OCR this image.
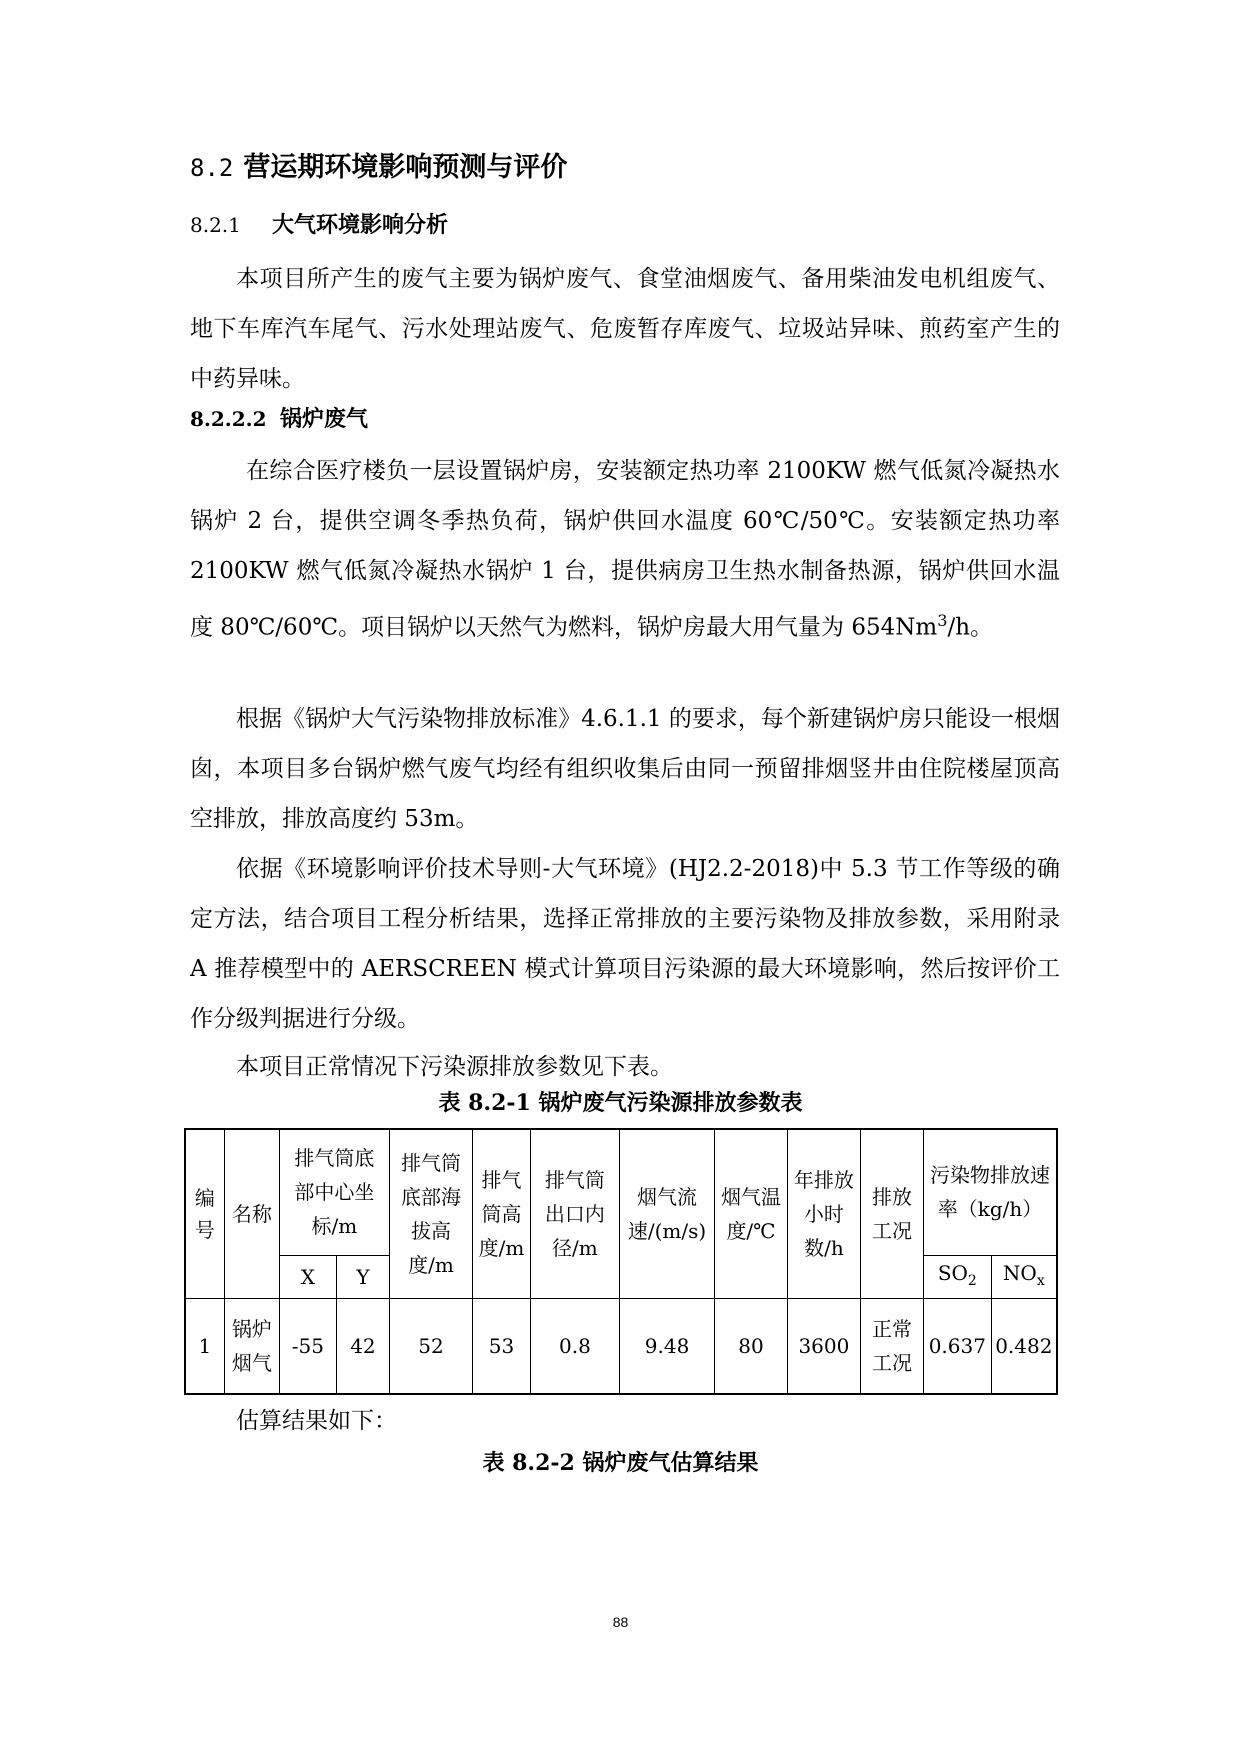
8.2 营运期环境影响预测与评价
8.2.1 大气环境影响分析

本项目所产生的废气主要为锅炉废气、食堂油烟废气、备用柴油发电机组废气、地下车库汽车尾气、污水处理站废气、危废暂存库废气、垃圾站异味、煎药室产生的中药异味。

8.2.2.2 锅炉废气

在综合医疗楼负一层设置锅炉房，安装额定热功率 2100KW 燃气低氮冷凝热水锅炉 2 台，提供空调冬季热负荷，锅炉供回水温度 60℃/50℃。安装额定热功率 2100KW 燃气低氮冷凝热水锅炉 1 台，提供病房卫生热水制备热源，锅炉供回水温度 80℃/60℃。项目锅炉以天然气为燃料，锅炉房最大用气量为 654Nm$^3$/h。

根据《锅炉大气污染物排放标准》4.6.1.1 的要求，每个新建锅炉房只能设一根烟囱，本项目多台锅炉燃气废气均经有组织收集后由同一预留排烟竖井由住院楼屋顶高空排放，排放高度约 53m。

依据《环境影响评价技术导则-大气环境》(HJ2.2-2018)中 5.3 节工作等级的确定方法，结合项目工程分析结果，选择正常排放的主要污染物及排放参数，采用附录 A 推荐模型中的 AERSCREEN 模式计算项目污染源的最大环境影响，然后按评价工作分级判据进行分级。

本项目正常情况下污染源排放参数见下表。

表 8.2-1 锅炉废气污染源排放参数表
编号	名称	排气筒底部中心坐标/m		排气筒底部海拔高度/m	排气筒高度/m	排气筒出口内径/m	烟气流速/(m/s)	烟气温度/℃	年排放小时数/h	排放工况	污染物排放速率（kg/h）	
		X	Y								$SO_2$	$NO_x$
1	锅炉烟气	-55	42	52	53	0.8	9.48	80	3600	正常工况	0.637	0.482

估算结果如下：

表 8.2-2 锅炉废气估算结果
88
